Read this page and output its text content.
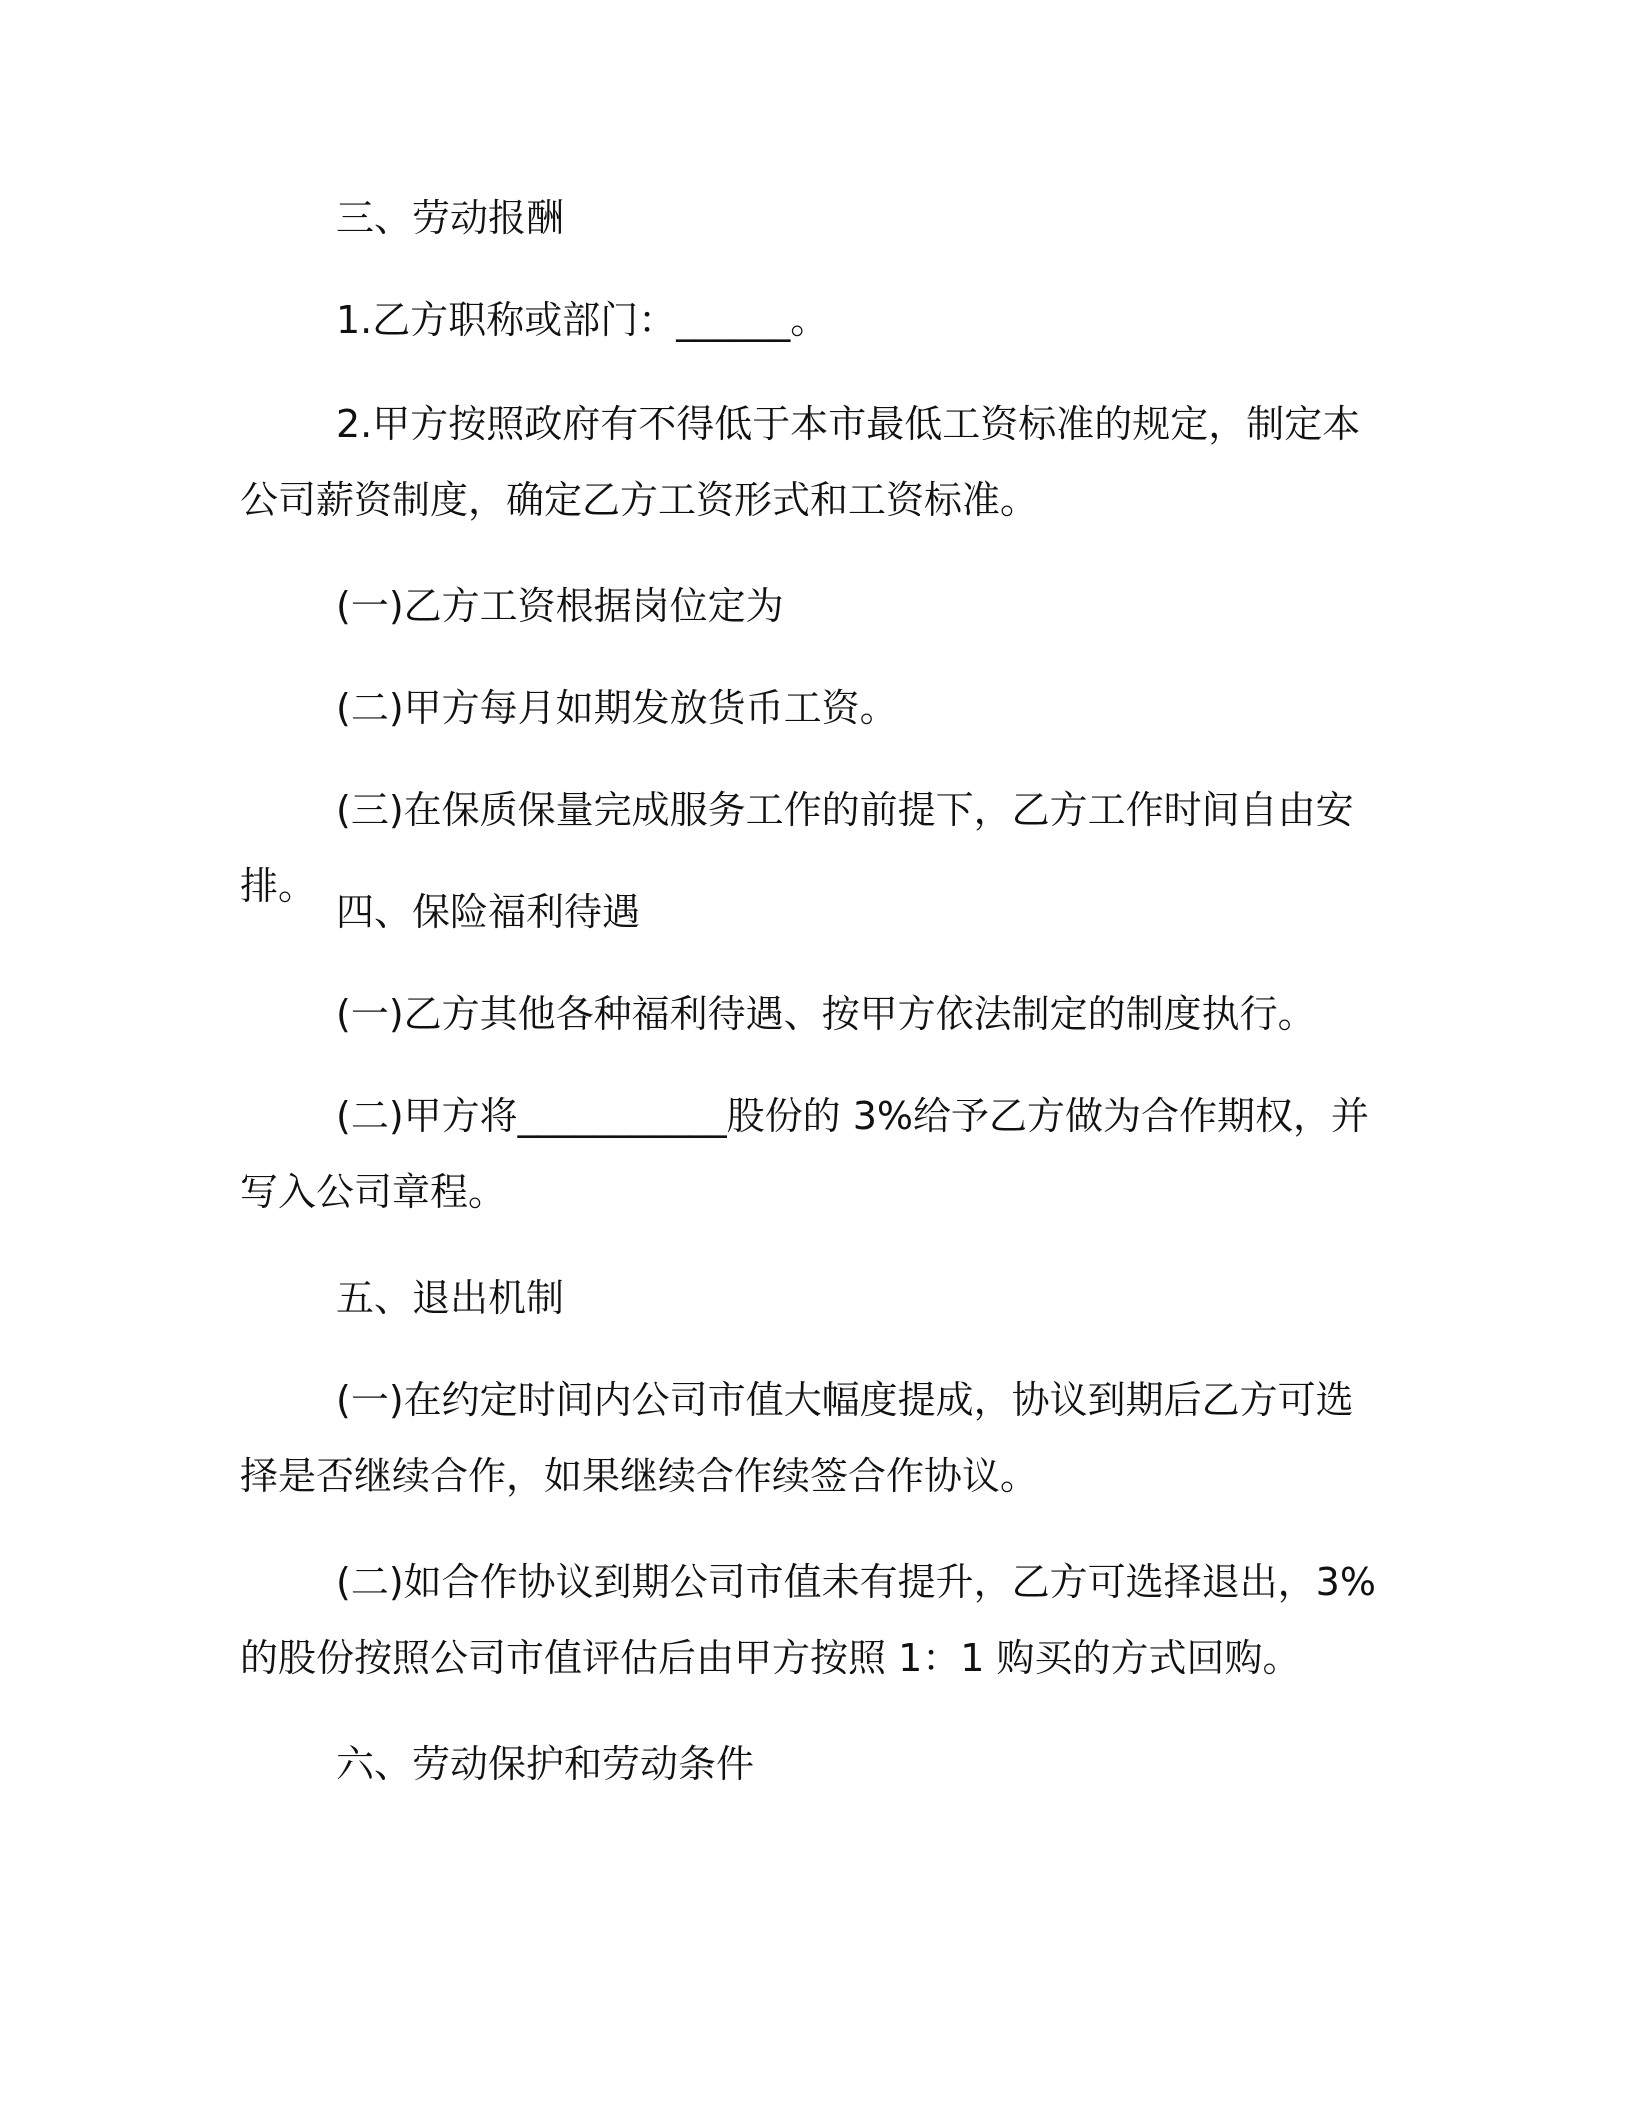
三、劳动报酬

1.乙方职称或部门：______。

2.甲方按照政府有不得低于本市最低工资标准的规定，制定本公司薪资制度，确定乙方工资形式和工资标准。

(一)乙方工资根据岗位定为

(二)甲方每月如期发放货币工资。

(三)在保质保量完成服务工作的前提下，乙方工作时间自由安排。

四、保险福利待遇

(一)乙方其他各种福利待遇、按甲方依法制定的制度执行。

(二)甲方将___________股份的 3%给予乙方做为合作期权，并写入公司章程。

五、退出机制

(一)在约定时间内公司市值大幅度提成，协议到期后乙方可选择是否继续合作，如果继续合作续签合作协议。

(二)如合作协议到期公司市值未有提升，乙方可选择退出，3%的股份按照公司市值评估后由甲方按照 1：1 购买的方式回购。

六、劳动保护和劳动条件
